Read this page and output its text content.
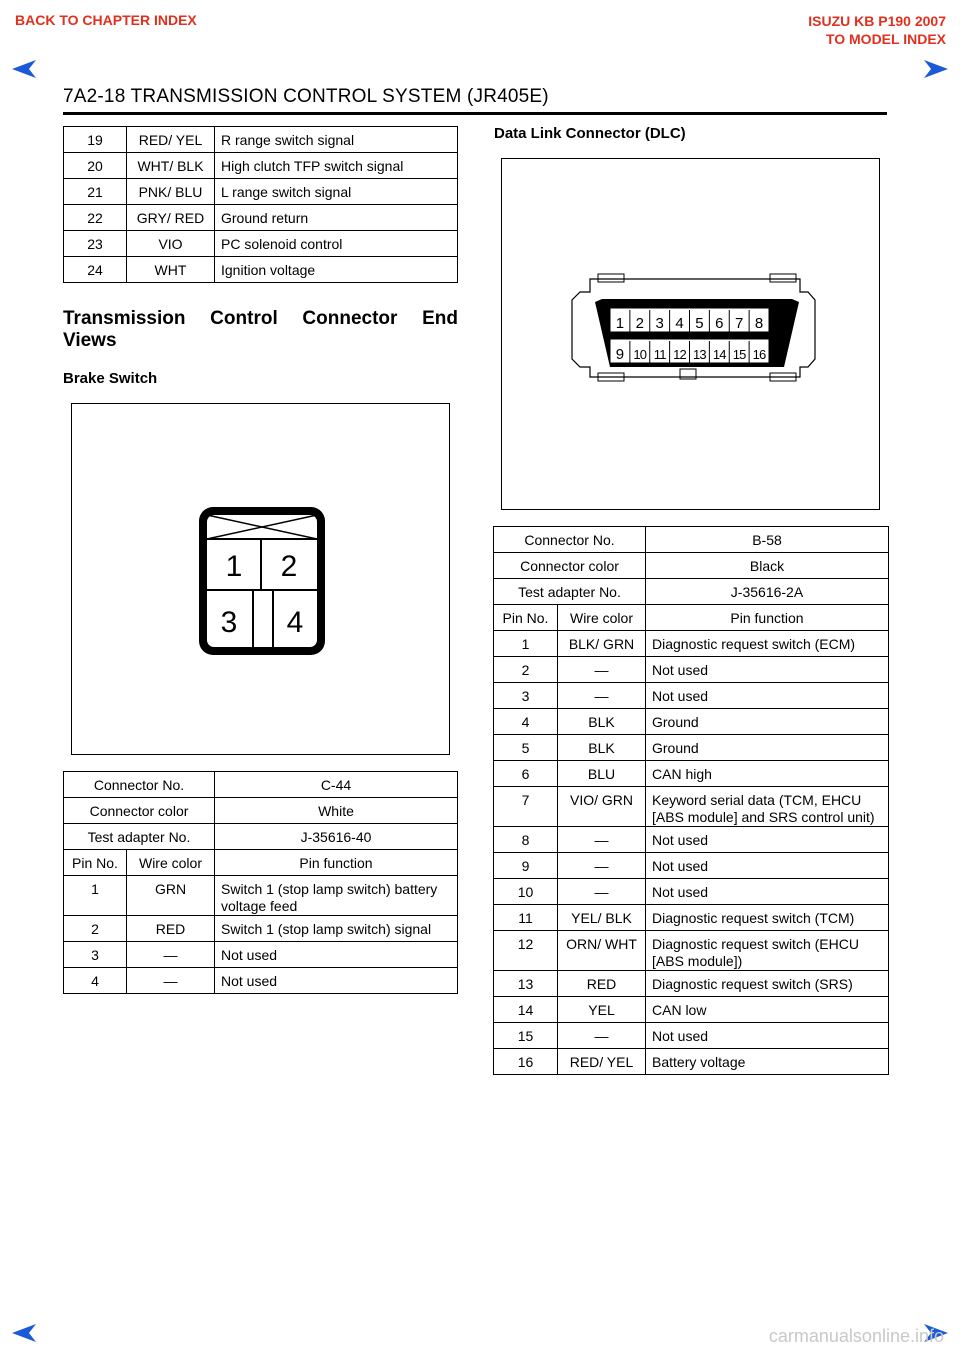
BACK TO CHAPTER INDEX	ISUZU KB P190 2007
TO MODEL INDEX
7A2-18 TRANSMISSION CONTROL SYSTEM (JR405E)
19	RED/ YEL	R range switch signal
20	WHT/ BLK	High clutch TFP switch signal
21	PNK/ BLU	L range switch signal
22	GRY/ RED	Ground return
23	VIO	PC solenoid control
24	WHT	Ignition voltage
Transmission Control Connector End Views
Brake Switch
1 2
3 4
Connector No.		C-44
Connector color		White
Test adapter No.		J-35616-40
Pin No.	Wire color	Pin function
1	GRN	Switch 1 (stop lamp switch) battery voltage feed
2	RED	Switch 1 (stop lamp switch) signal
3	—	Not used
4	—	Not used
Data Link Connector (DLC)
1 2 3 4 5 6 7 8
9 10 11 12 13 14 15 16
Connector No.		B-58
Connector color		Black
Test adapter No.		J-35616-2A
Pin No.	Wire color	Pin function
1	BLK/ GRN	Diagnostic request switch (ECM)
2	—	Not used
3	—	Not used
4	BLK	Ground
5	BLK	Ground
6	BLU	CAN high
7	VIO/ GRN	Keyword serial data (TCM, EHCU [ABS module] and SRS control unit)
8	—	Not used
9	—	Not used
10	—	Not used
11	YEL/ BLK	Diagnostic request switch (TCM)
12	ORN/ WHT	Diagnostic request switch (EHCU [ABS module])
13	RED	Diagnostic request switch (SRS)
14	YEL	CAN low
15	—	Not used
16	RED/ YEL	Battery voltage
carmanualsonline.info
